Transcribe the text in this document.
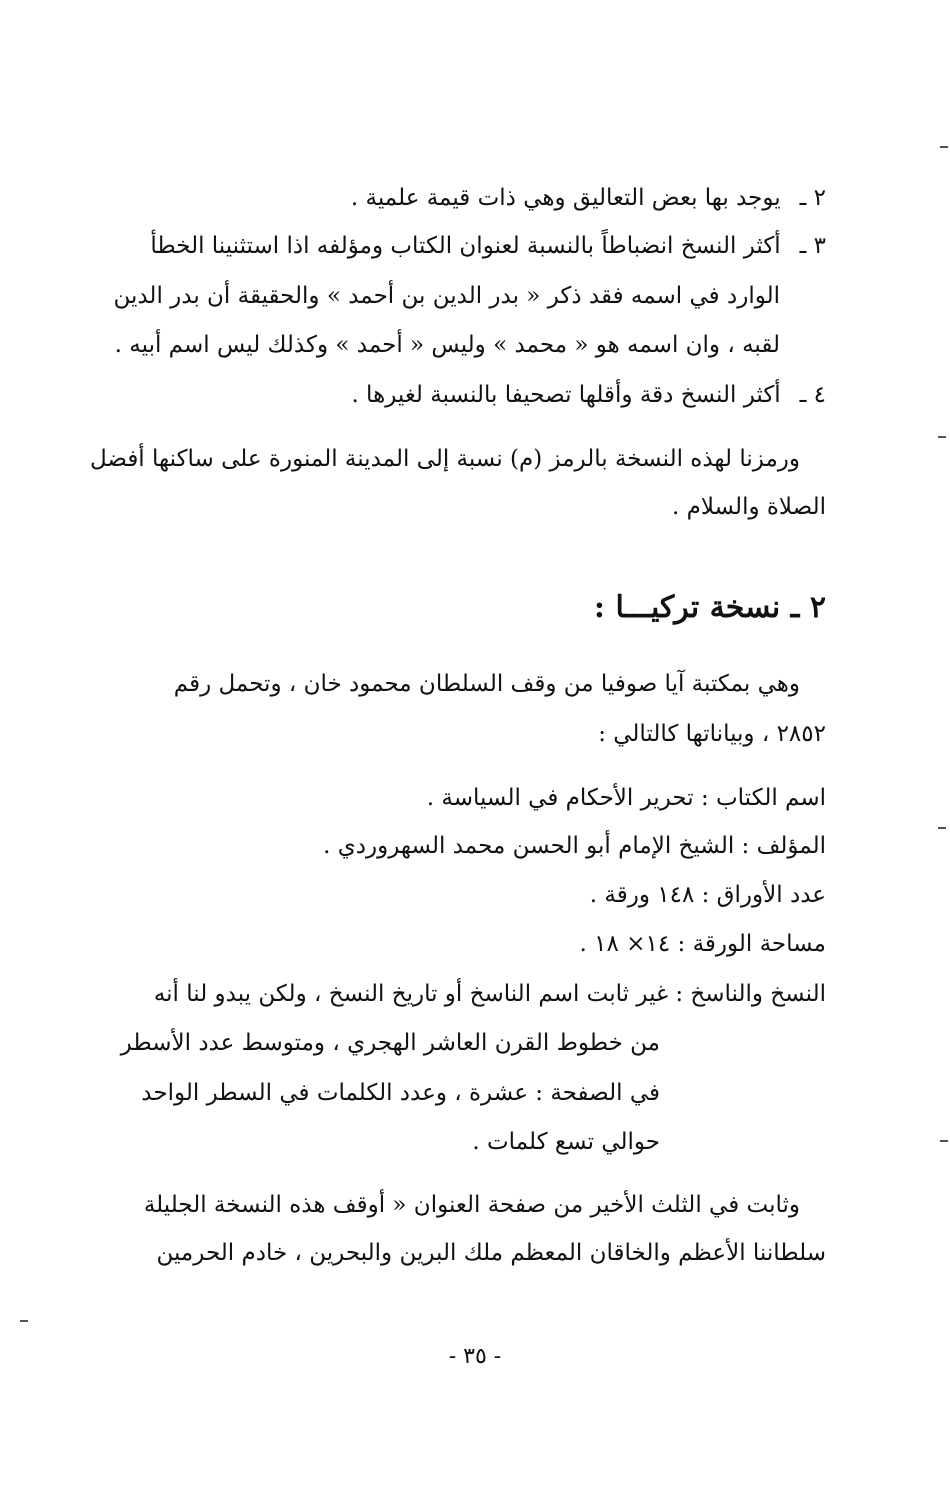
٢ ـ يوجد بها بعض التعاليق وهي ذات قيمة علمية .
٣ ـ أكثر النسخ انضباطاً بالنسبة لعنوان الكتاب ومؤلفه اذا استثنينا الخطأ
الوارد في اسمه فقد ذكر « بدر الدين بن أحمد » والحقيقة أن بدر الدين
لقبه ، وان اسمه هو « محمد » وليس « أحمد » وكذلك ليس اسم أبيه .
٤ ـ أكثر النسخ دقة وأقلها تصحيفا بالنسبة لغيرها .
ورمزنا لهذه النسخة بالرمز (م) نسبة إلى المدينة المنورة على ساكنها أفضل
الصلاة والسلام .
٢ ـ نسخة تركيـــا :
وهي بمكتبة آيا صوفيا من وقف السلطان محمود خان ، وتحمل رقم
٢٨٥٢ ، وبياناتها كالتالي :
اسم الكتاب : تحرير الأحكام في السياسة .
المؤلف : الشيخ الإمام أبو الحسن محمد السهروردي .
عدد الأوراق : ١٤٨ ورقة .
مساحة الورقة : ١٤× ١٨ .
النسخ والناسخ : غير ثابت اسم الناسخ أو تاريخ النسخ ، ولكن يبدو لنا أنه
من خطوط القرن العاشر الهجري ، ومتوسط عدد الأسطر
في الصفحة : عشرة ، وعدد الكلمات في السطر الواحد
حوالي تسع كلمات .
وثابت في الثلث الأخير من صفحة العنوان « أوقف هذه النسخة الجليلة
سلطاننا الأعظم والخاقان المعظم ملك البرين والبحرين ، خادم الحرمين
- ٣٥ -
